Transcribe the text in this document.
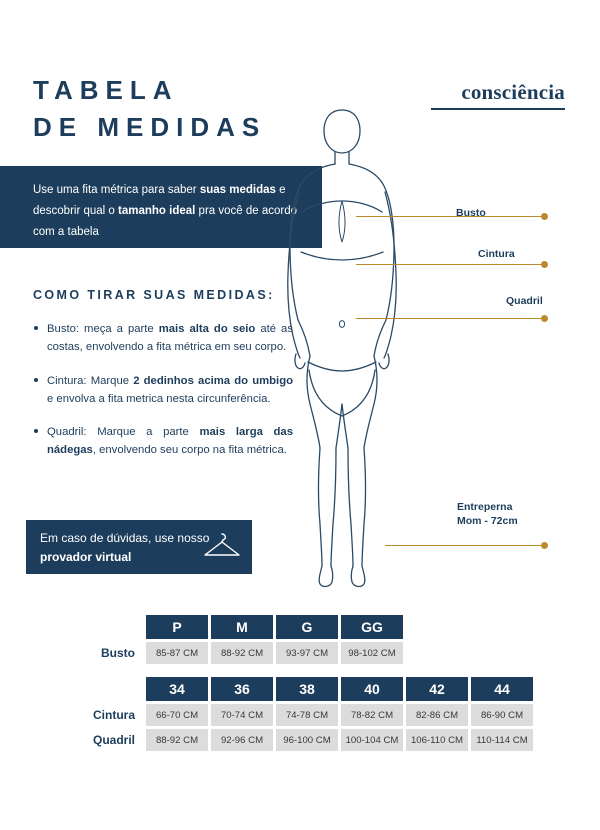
TABELA
DE MEDIDAS
consciência
Use uma fita métrica para saber suas medidas e descobrir qual o tamanho ideal pra você de acordo com a tabela
COMO TIRAR SUAS MEDIDAS:
Busto: meça a parte mais alta do seio até as costas, envolvendo a fita métrica em seu corpo.
Cintura: Marque 2 dedinhos acima do umbigo e envolva a fita metrica nesta circunferência.
Quadril: Marque a parte mais larga das nádegas, envolvendo seu corpo na fita métrica.
Em caso de dúvidas, use nosso provador virtual
Busto
Cintura
Quadril
Entreperna
Mom - 72cm
	P	M	G	GG		
Busto	85-87 CM	88-92 CM	93-97 CM	98-102 CM		
	34	36	38	40	42	44
Cintura	66-70 CM	70-74 CM	74-78 CM	78-82 CM	82-86 CM	86-90 CM
Quadril	88-92 CM	92-96 CM	96-100 CM	100-104 CM	106-110 CM	110-114 CM
